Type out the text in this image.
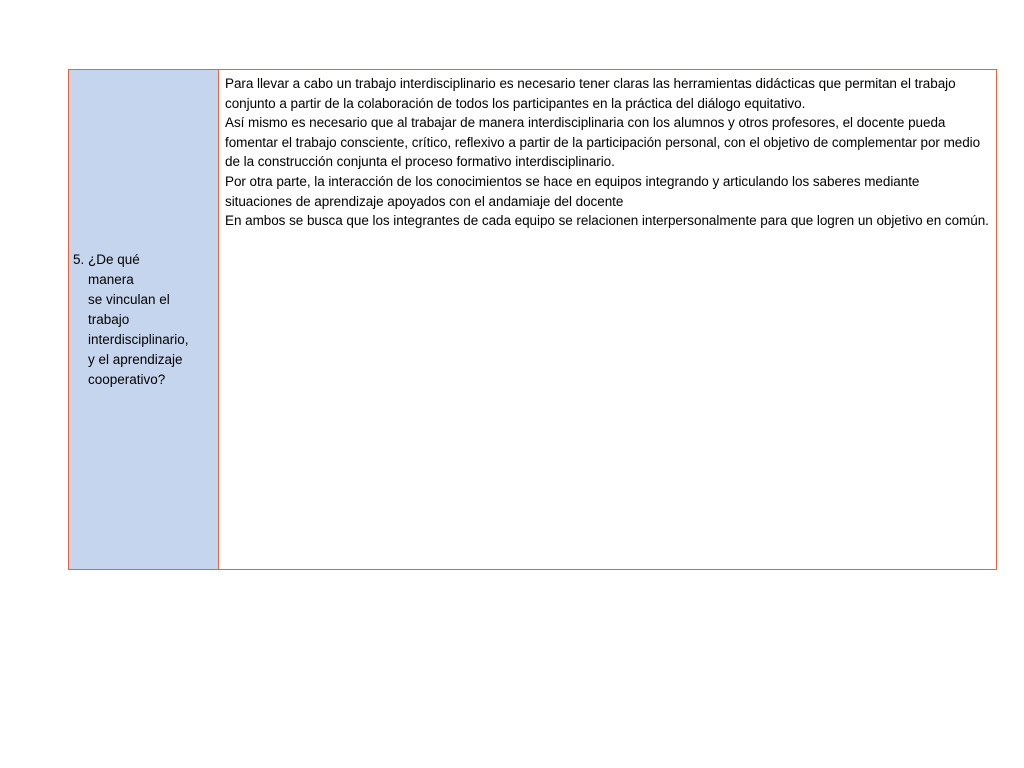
5. ¿De qué
manera
se vinculan el
trabajo
interdisciplinario,
y el aprendizaje
cooperativo?

Para llevar a cabo un trabajo interdisciplinario es necesario tener claras las herramientas didácticas que permitan el trabajo conjunto a partir de la colaboración de todos los participantes en la práctica del diálogo equitativo.

Así mismo es necesario que al trabajar de manera interdisciplinaria con los alumnos y otros profesores, el docente pueda fomentar el trabajo consciente, crítico, reflexivo a partir de la participación personal, con el objetivo de complementar por medio de la construcción conjunta el proceso formativo interdisciplinario.

Por otra parte, la interacción de los conocimientos se hace en equipos integrando y articulando los saberes mediante situaciones de aprendizaje apoyados con el andamiaje del docente

En ambos se busca que los integrantes de cada equipo se relacionen interpersonalmente para que logren un objetivo en común.
